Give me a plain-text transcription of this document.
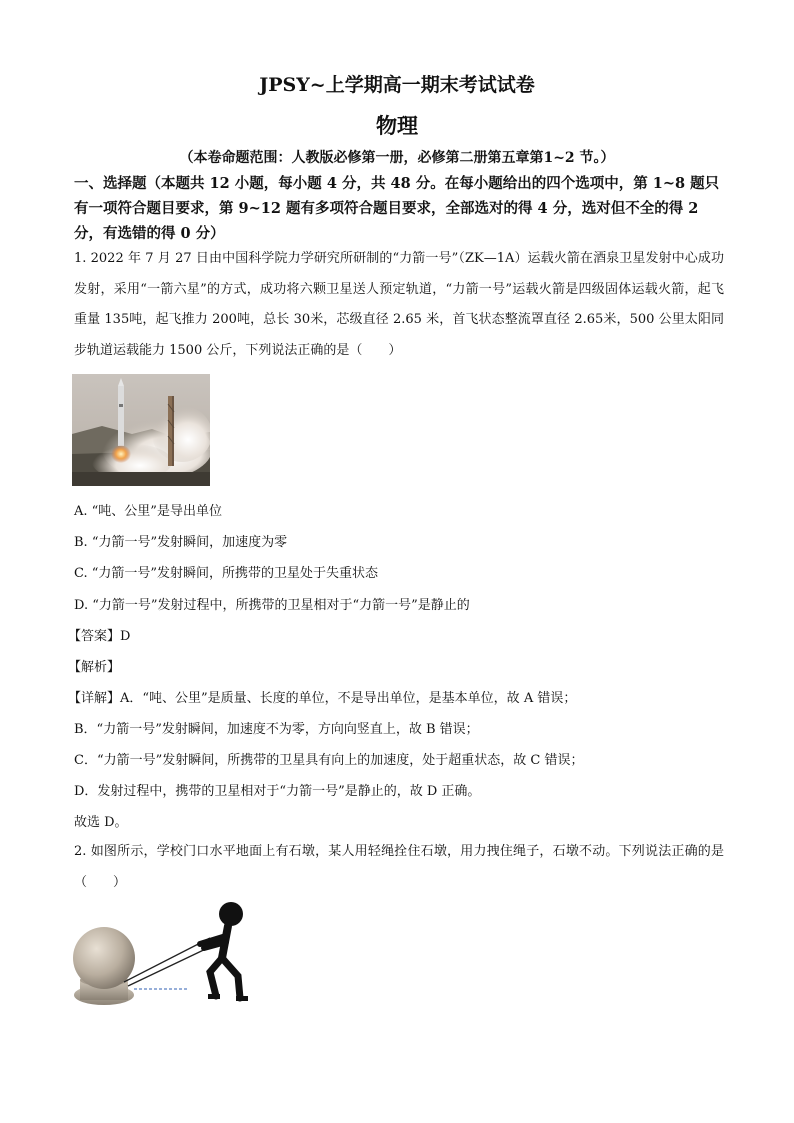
JPSY~上学期高一期末考试试卷
物理
（本卷命题范围：人教版必修第一册，必修第二册第五章第1~2 节。）
一、选择题（本题共 12 小题，每小题 4 分，共 48 分。在每小题给出的四个选项中，第 1~8 题只有一项符合题目要求，第 9~12 题有多项符合题目要求，全部选对的得 4 分，选对但不全的得 2 分，有选错的得 0 分）
1. 2022 年 7 月 27 日由中国科学院力学研究所研制的“力箭一号”（ZK—1A）运载火箭在酒泉卫星发射中心成功发射，采用“一箭六星”的方式，成功将六颗卫星送人预定轨道，“力箭一号”运载火箭是四级固体运载火箭，起飞重量 135吨，起飞推力 200吨，总长 30米，芯级直径 2.65 米，首飞状态整流罩直径 2.65米，500 公里太阳同步轨道运载能力 1500 公斤，下列说法正确的是（　　）
A. “吨、公里”是导出单位
B. “力箭一号”发射瞬间，加速度为零
C. “力箭一号”发射瞬间，所携带的卫星处于失重状态
D. “力箭一号”发射过程中，所携带的卫星相对于“力箭一号”是静止的
【答案】D
【解析】
【详解】A．“吨、公里”是质量、长度的单位，不是导出单位，是基本单位，故 A 错误；
B．“力箭一号”发射瞬间，加速度不为零，方向向竖直上，故 B 错误；
C．“力箭一号”发射瞬间，所携带的卫星具有向上的加速度，处于超重状态，故 C 错误；
D．发射过程中，携带的卫星相对于“力箭一号”是静止的，故 D 正确。
故选 D。
2. 如图所示，学校门口水平地面上有石墩，某人用轻绳拴住石墩，用力拽住绳子，石墩不动。下列说法正确的是（　　）
